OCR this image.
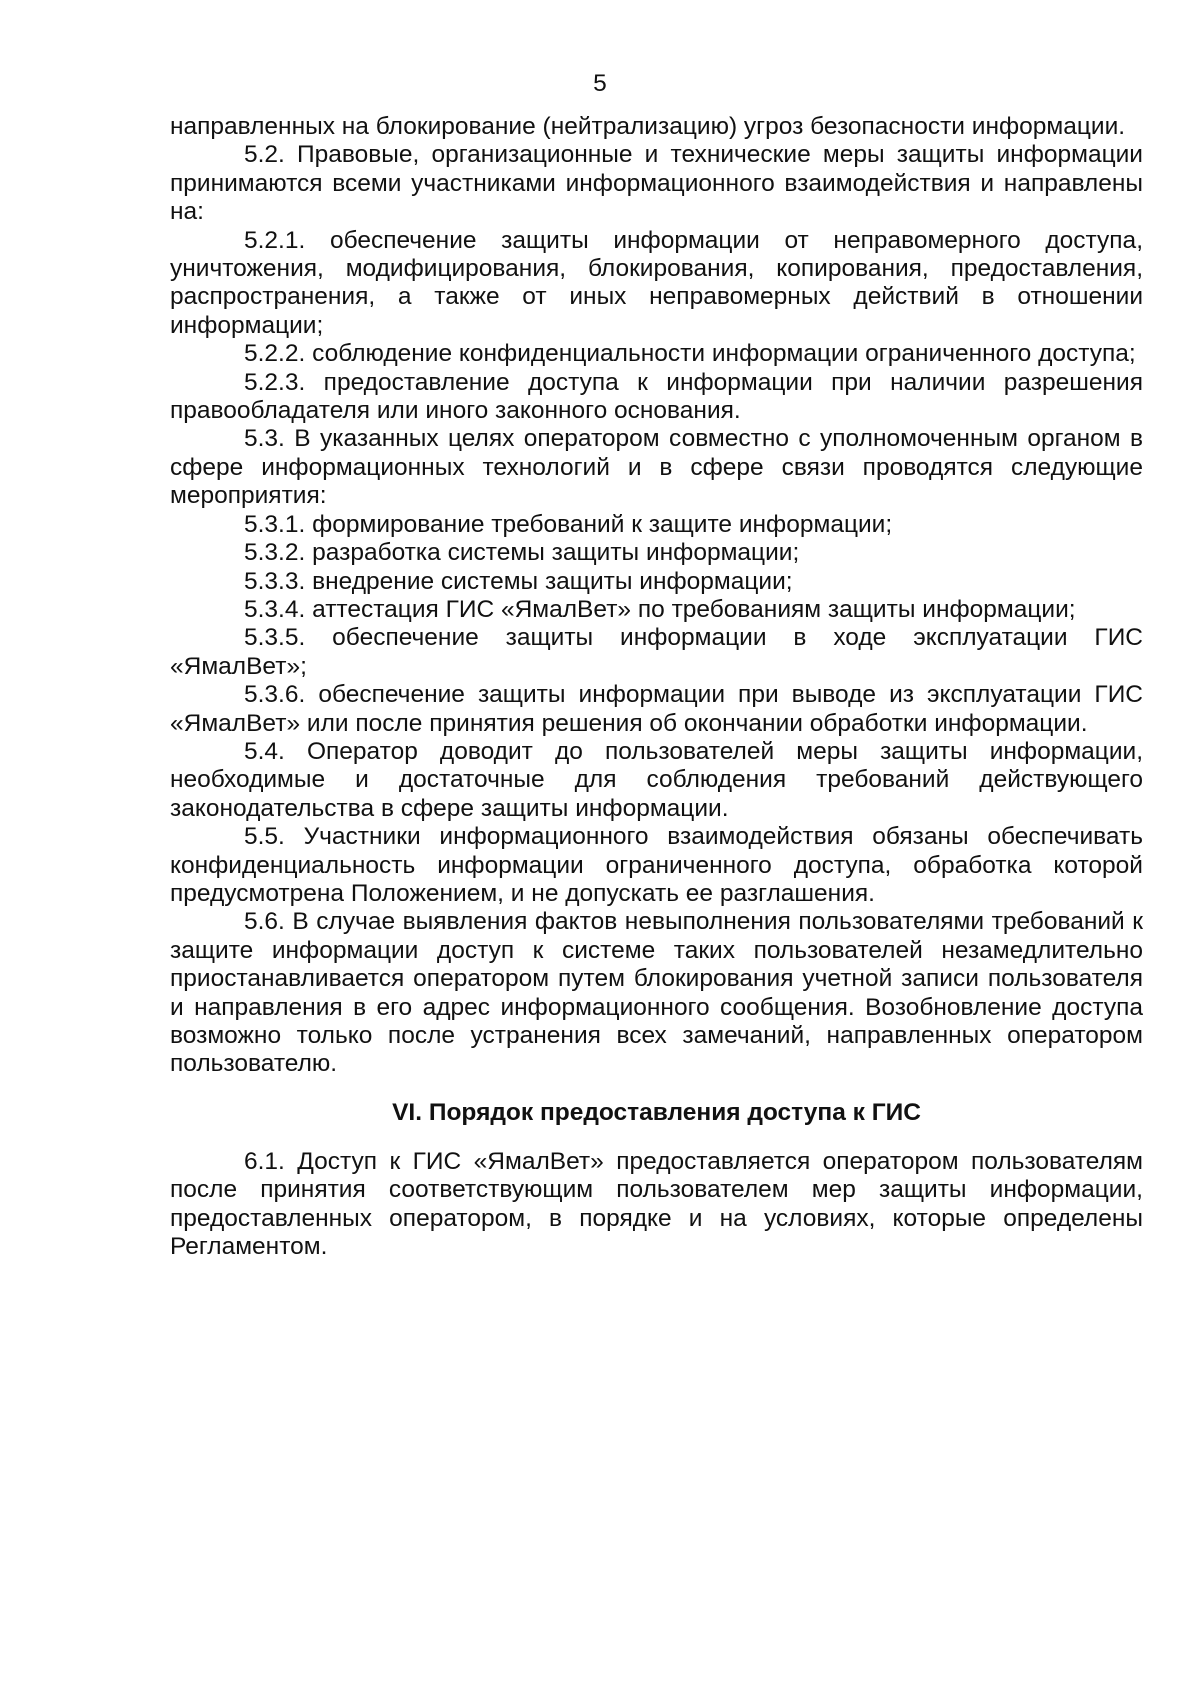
5

направленных на блокирование (нейтрализацию) угроз безопасности информации.

5.2. Правовые, организационные и технические меры защиты информации принимаются всеми участниками информационного взаимодействия и направлены на:

5.2.1. обеспечение защиты информации от неправомерного доступа, уничтожения, модифицирования, блокирования, копирования, предоставления, распространения, а также от иных неправомерных действий в отношении информации;

5.2.2. соблюдение конфиденциальности информации ограниченного доступа;

5.2.3. предоставление доступа к информации при наличии разрешения правообладателя или иного законного основания.

5.3. В указанных целях оператором совместно с уполномоченным органом в сфере информационных технологий и в сфере связи проводятся следующие мероприятия:

5.3.1. формирование требований к защите информации;

5.3.2. разработка системы защиты информации;

5.3.3. внедрение системы защиты информации;

5.3.4. аттестация ГИС «ЯмалВет» по требованиям защиты информации;

5.3.5. обеспечение защиты информации в ходе эксплуатации ГИС «ЯмалВет»;

5.3.6. обеспечение защиты информации при выводе из эксплуатации ГИС «ЯмалВет» или после принятия решения об окончании обработки информации.

5.4. Оператор доводит до пользователей меры защиты информации, необходимые и достаточные для соблюдения требований действующего законодательства в сфере защиты информации.

5.5. Участники информационного взаимодействия обязаны обеспечивать конфиденциальность информации ограниченного доступа, обработка которой предусмотрена Положением, и не допускать ее разглашения.

5.6. В случае выявления фактов невыполнения пользователями требований к защите информации доступ к системе таких пользователей незамедлительно приостанавливается оператором путем блокирования учетной записи пользователя и направления в его адрес информационного сообщения. Возобновление доступа возможно только после устранения всех замечаний, направленных оператором пользователю.

VI. Порядок предоставления доступа к ГИС

6.1. Доступ к ГИС «ЯмалВет» предоставляется оператором пользователям после принятия соответствующим пользователем мер защиты информации, предоставленных оператором, в порядке и на условиях, которые определены Регламентом.
